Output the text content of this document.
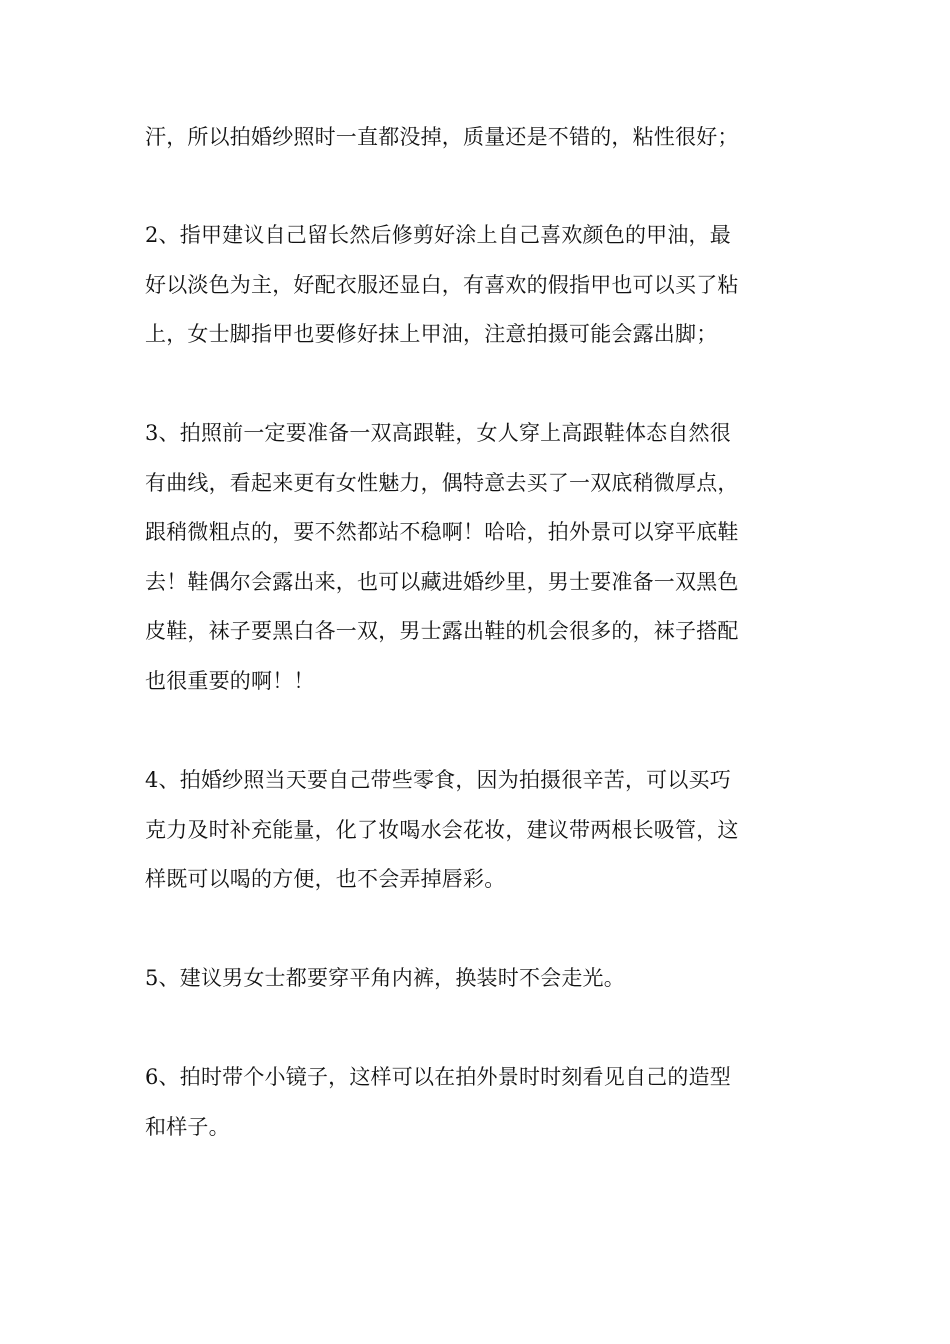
汗，所以拍婚纱照时一直都没掉，质量还是不错的，粘性很好；

2、指甲建议自己留长然后修剪好涂上自己喜欢颜色的甲油，最
好以淡色为主，好配衣服还显白，有喜欢的假指甲也可以买了粘
上，女士脚指甲也要修好抹上甲油，注意拍摄可能会露出脚；

3、拍照前一定要准备一双高跟鞋，女人穿上高跟鞋体态自然很
有曲线，看起来更有女性魅力，偶特意去买了一双底稍微厚点，
跟稍微粗点的，要不然都站不稳啊！哈哈，拍外景可以穿平底鞋
去！鞋偶尔会露出来，也可以藏进婚纱里，男士要准备一双黑色
皮鞋，袜子要黑白各一双，男士露出鞋的机会很多的，袜子搭配
也很重要的啊！！

4、拍婚纱照当天要自己带些零食，因为拍摄很辛苦，可以买巧
克力及时补充能量，化了妆喝水会花妆，建议带两根长吸管，这
样既可以喝的方便，也不会弄掉唇彩。

5、建议男女士都要穿平角内裤，换装时不会走光。

6、拍时带个小镜子，这样可以在拍外景时时刻看见自己的造型
和样子。
